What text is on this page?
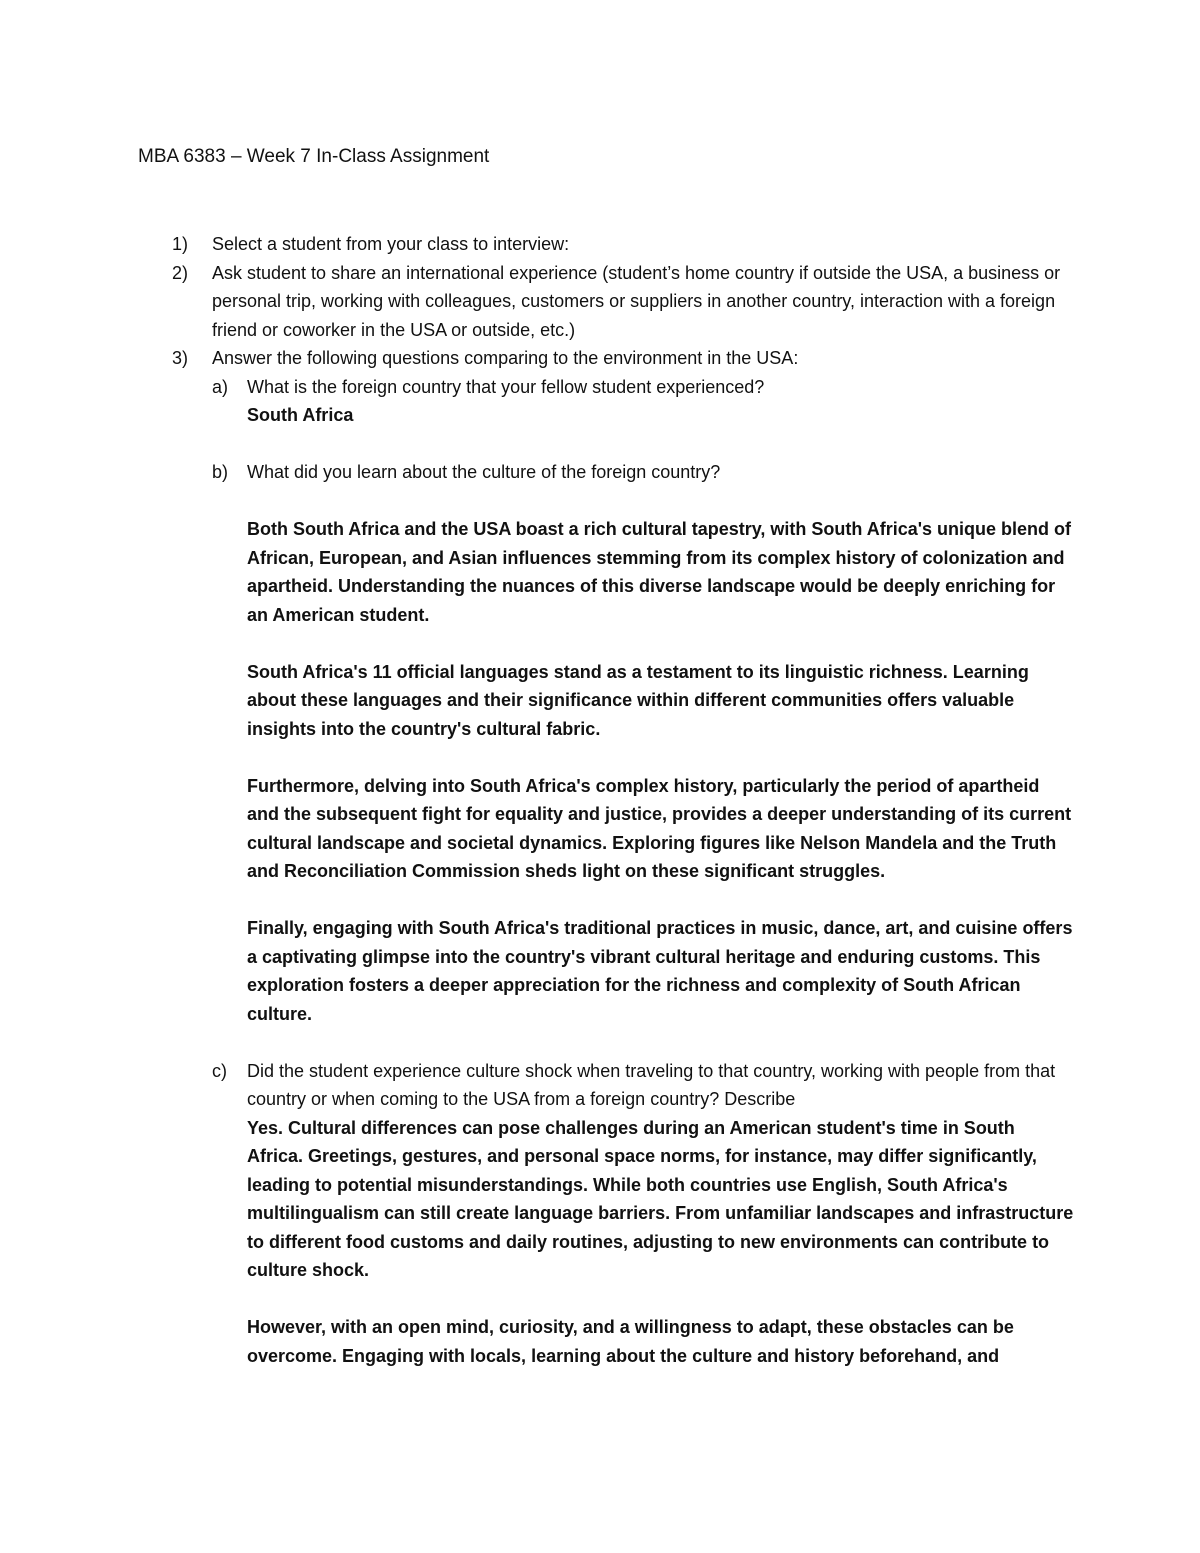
MBA 6383 – Week 7 In-Class Assignment
1) Select a student from your class to interview:

2) Ask student to share an international experience (student’s home country if outside the USA, a business or personal trip, working with colleagues, customers or suppliers in another country, interaction with a foreign friend or coworker in the USA or outside, etc.)

3) Answer the following questions comparing to the environment in the USA:

a) What is the foreign country that your fellow student experienced?

South Africa

b) What did you learn about the culture of the foreign country?

Both South Africa and the USA boast a rich cultural tapestry, with South Africa's unique blend of African, European, and Asian influences stemming from its complex history of colonization and apartheid. Understanding the nuances of this diverse landscape would be deeply enriching for an American student.

South Africa's 11 official languages stand as a testament to its linguistic richness. Learning about these languages and their significance within different communities offers valuable insights into the country's cultural fabric.

Furthermore, delving into South Africa's complex history, particularly the period of apartheid and the subsequent fight for equality and justice, provides a deeper understanding of its current cultural landscape and societal dynamics. Exploring figures like Nelson Mandela and the Truth and Reconciliation Commission sheds light on these significant struggles.

Finally, engaging with South Africa's traditional practices in music, dance, art, and cuisine offers a captivating glimpse into the country's vibrant cultural heritage and enduring customs. This exploration fosters a deeper appreciation for the richness and complexity of South African culture.

c) Did the student experience culture shock when traveling to that country, working with people from that country or when coming to the USA from a foreign country? Describe

Yes. Cultural differences can pose challenges during an American student's time in South Africa. Greetings, gestures, and personal space norms, for instance, may differ significantly, leading to potential misunderstandings. While both countries use English, South Africa's multilingualism can still create language barriers. From unfamiliar landscapes and infrastructure to different food customs and daily routines, adjusting to new environments can contribute to culture shock.

However, with an open mind, curiosity, and a willingness to adapt, these obstacles can be overcome. Engaging with locals, learning about the culture and history beforehand, and
